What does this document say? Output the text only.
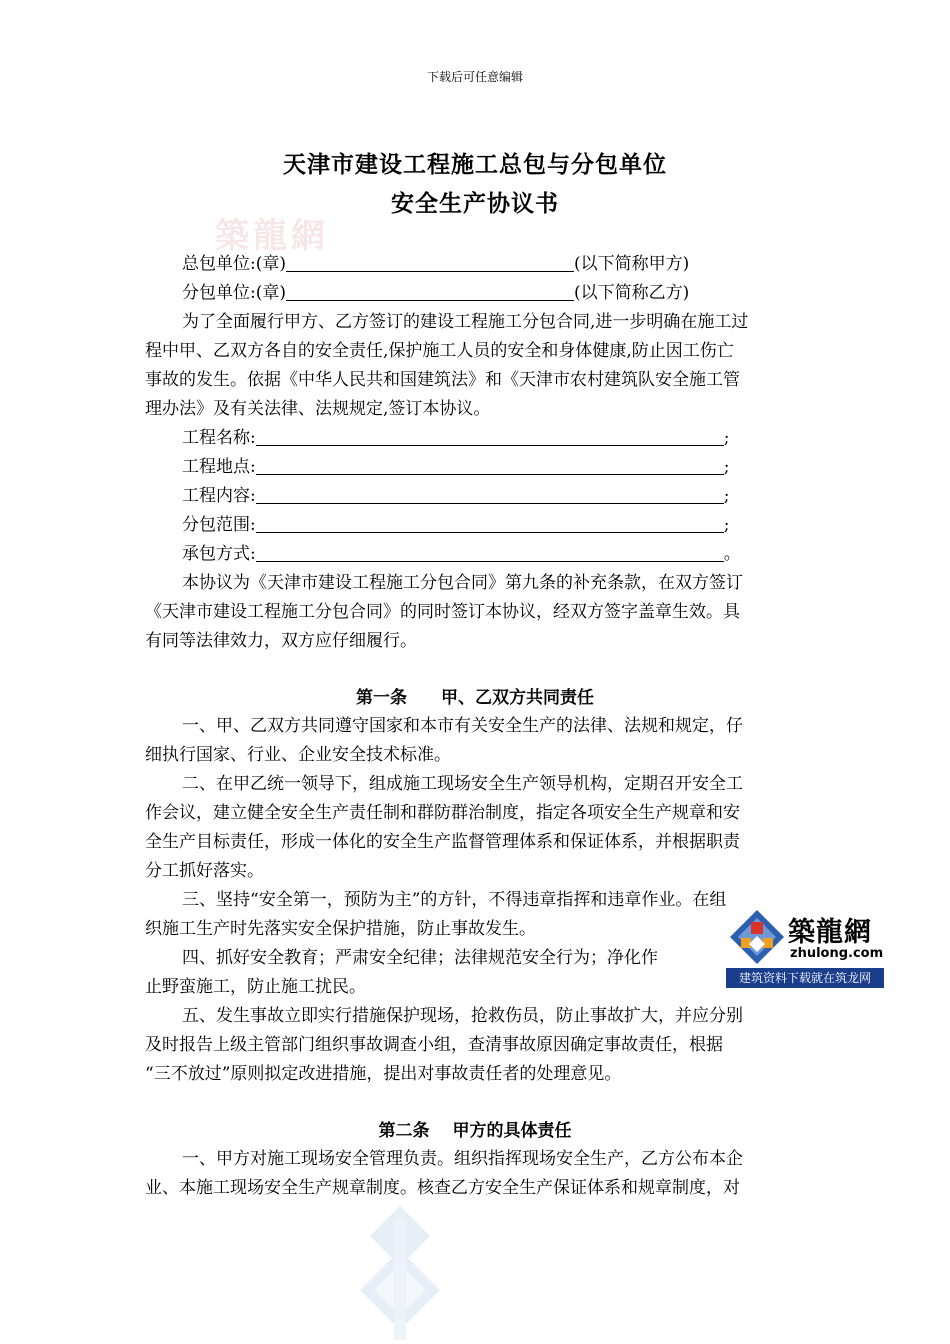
下载后可任意编辑
築龍網
天津市建设工程施工总包与分包单位
安全生产协议书
总包单位:(章)	(以下简称甲方)
分包单位:(章)	(以下简称乙方)
为了全面履行甲方、乙方签订的建设工程施工分包合同,进一步明确在施工过
程中甲、乙双方各自的安全责任,保护施工人员的安全和身体健康,防止因工伤亡
事故的发生。依据《中华人民共和国建筑法》和《天津市农村建筑队安全施工管
理办法》及有关法律、法规规定,签订本协议。
工程名称:	;
工程地点:	;
工程内容:	;
分包范围:	;
承包方式:	。
本协议为《天津市建设工程施工分包合同》第九条的补充条款，在双方签订
《天津市建设工程施工分包合同》的同时签订本协议，经双方签字盖章生效。具
有同等法律效力，双方应仔细履行。
第一条　　甲、乙双方共同责任
一、甲、乙双方共同遵守国家和本市有关安全生产的法律、法规和规定，仔
细执行国家、行业、企业安全技术标准。
二、在甲乙统一领导下，组成施工现场安全生产领导机构，定期召开安全工
作会议，建立健全安全生产责任制和群防群治制度，指定各项安全生产规章和安
全生产目标责任，形成一体化的安全生产监督管理体系和保证体系，并根据职责
分工抓好落实。
三、坚持“安全第一，预防为主”的方针，不得违章指挥和违章作业。在组
织施工生产时先落实安全保护措施，防止事故发生。
四、抓好安全教育；严肃安全纪律；法律规范安全行为；净化作
止野蛮施工，防止施工扰民。
五、发生事故立即实行措施保护现场，抢救伤员，防止事故扩大，并应分别
及时报告上级主管部门组织事故调查小组，查清事故原因确定事故责任，根据
“三不放过”原则拟定改进措施，提出对事故责任者的处理意见。
第二条　 甲方的具体责任
一、甲方对施工现场安全管理负责。组织指挥现场安全生产，乙方公布本企
业、本施工现场安全生产规章制度。核查乙方安全生产保证体系和规章制度，对
築龍網
zhulong.com
建筑资料下载就在筑龙网
